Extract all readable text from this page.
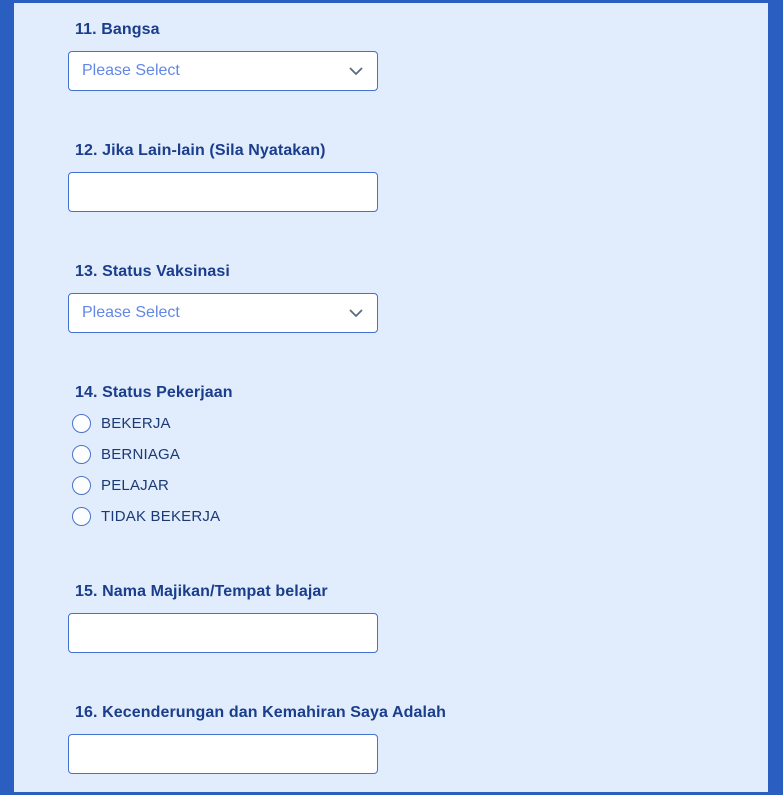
11. Bangsa
Please Select
12. Jika Lain-lain (Sila Nyatakan)
13. Status Vaksinasi
Please Select
14. Status Pekerjaan
BEKERJA
BERNIAGA
PELAJAR
TIDAK BEKERJA
15. Nama Majikan/Tempat belajar
16. Kecenderungan dan Kemahiran Saya Adalah
